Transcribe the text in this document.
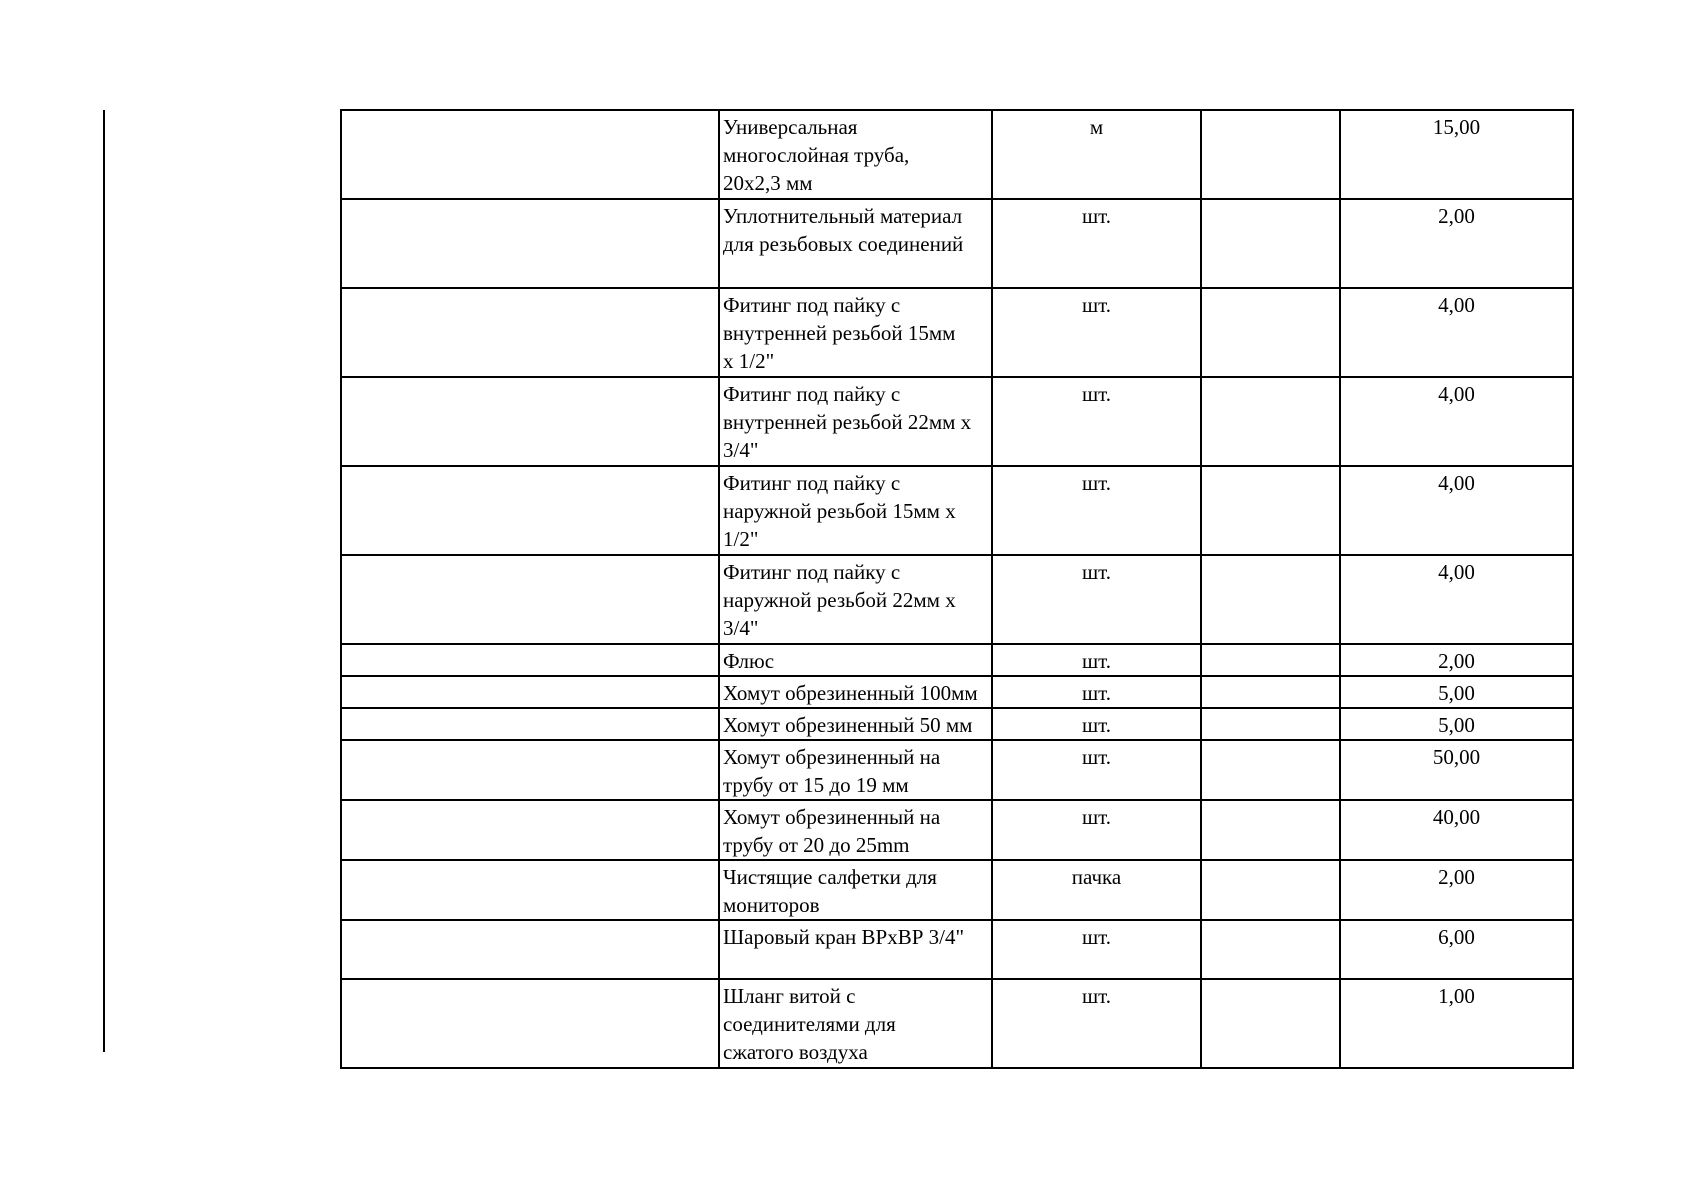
	Универсальная
многослойная труба,
20х2,3 мм	м		15,00
	Уплотнительный материал
для резьбовых соединений	шт.		2,00
	Фитинг под пайку с
внутренней резьбой 15мм
х 1/2"	шт.		4,00
	Фитинг под пайку с
внутренней резьбой 22мм х
3/4"	шт.		4,00
	Фитинг под пайку с
наружной резьбой 15мм х
1/2"	шт.		4,00
	Фитинг под пайку с
наружной резьбой 22мм х
3/4"	шт.		4,00
	Флюс	шт.		2,00
	Хомут обрезиненный 100мм	шт.		5,00
	Хомут обрезиненный 50 мм	шт.		5,00
	Хомут обрезиненный на
трубу от 15 до 19 мм	шт.		50,00
	Хомут обрезиненный на
трубу от 20 до 25mm	шт.		40,00
	Чистящие салфетки для
мониторов	пачка		2,00
	Шаровый кран ВРхВР 3/4"	шт.		6,00
	Шланг витой с
соединителями для
сжатого воздуха	шт.		1,00
